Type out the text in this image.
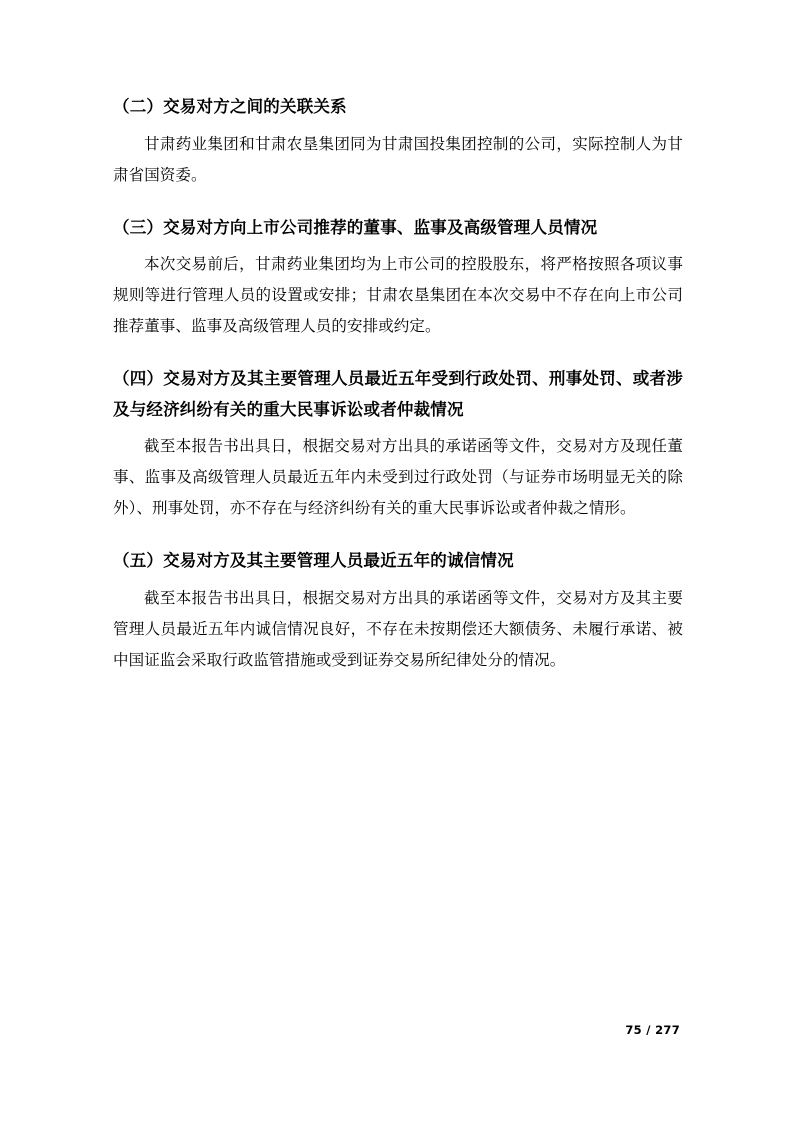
（二）交易对方之间的关联关系

甘肃药业集团和甘肃农垦集团同为甘肃国投集团控制的公司，实际控制人为甘肃省国资委。

（三）交易对方向上市公司推荐的董事、监事及高级管理人员情况

本次交易前后，甘肃药业集团均为上市公司的控股股东，将严格按照各项议事规则等进行管理人员的设置或安排；甘肃农垦集团在本次交易中不存在向上市公司推荐董事、监事及高级管理人员的安排或约定。

（四）交易对方及其主要管理人员最近五年受到行政处罚、刑事处罚、或者涉及与经济纠纷有关的重大民事诉讼或者仲裁情况

截至本报告书出具日，根据交易对方出具的承诺函等文件，交易对方及现任董事、监事及高级管理人员最近五年内未受到过行政处罚（与证券市场明显无关的除外）、刑事处罚，亦不存在与经济纠纷有关的重大民事诉讼或者仲裁之情形。

（五）交易对方及其主要管理人员最近五年的诚信情况

截至本报告书出具日，根据交易对方出具的承诺函等文件，交易对方及其主要管理人员最近五年内诚信情况良好，不存在未按期偿还大额债务、未履行承诺、被中国证监会采取行政监管措施或受到证券交易所纪律处分的情况。

75 / 277
